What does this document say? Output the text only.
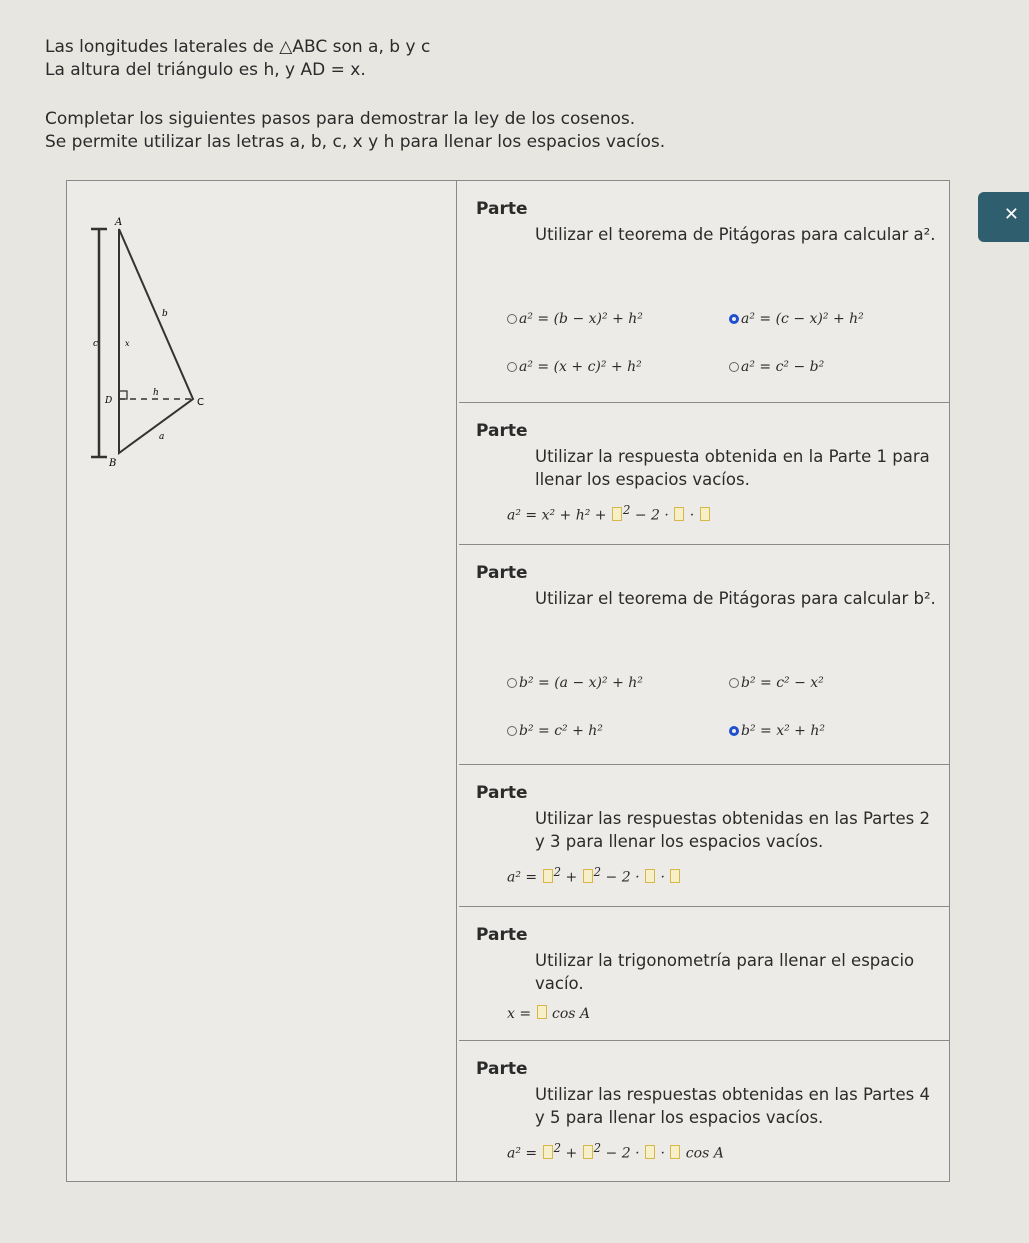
Las longitudes laterales de △ABC son a, b y c

La altura del triángulo es h, y AD = x.

Completar los siguientes pasos para demostrar la ley de los cosenos.

Se permite utilizar las letras a, b, c, x y h para llenar los espacios vacíos.

✕
A
B
C
D
b
c
a
x
h
Parte
Utilizar el teorema de Pitágoras para calcular a².
a² = (b − x)² + h²	a² = (c − x)² + h²
a² = (x + c)² + h²	a² = c² − b²
Parte
Utilizar la respuesta obtenida en la Parte 1 para llenar los espacios vacíos.
a² = x² + h² + $^2$ − 2 · ·
Parte
Utilizar el teorema de Pitágoras para calcular b².
b² = (a − x)² + h²	b² = c² − x²
b² = c² + h²	b² = x² + h²
Parte
Utilizar las respuestas obtenidas en las Partes 2 y 3 para llenar los espacios vacíos.
a² = $^2$ + $^2$ − 2 · ·
Parte
Utilizar la trigonometría para llenar el espacio vacío.
x = cos A
Parte
Utilizar las respuestas obtenidas en las Partes 4 y 5 para llenar los espacios vacíos.
a² = $^2$ + $^2$ − 2 · · cos A
